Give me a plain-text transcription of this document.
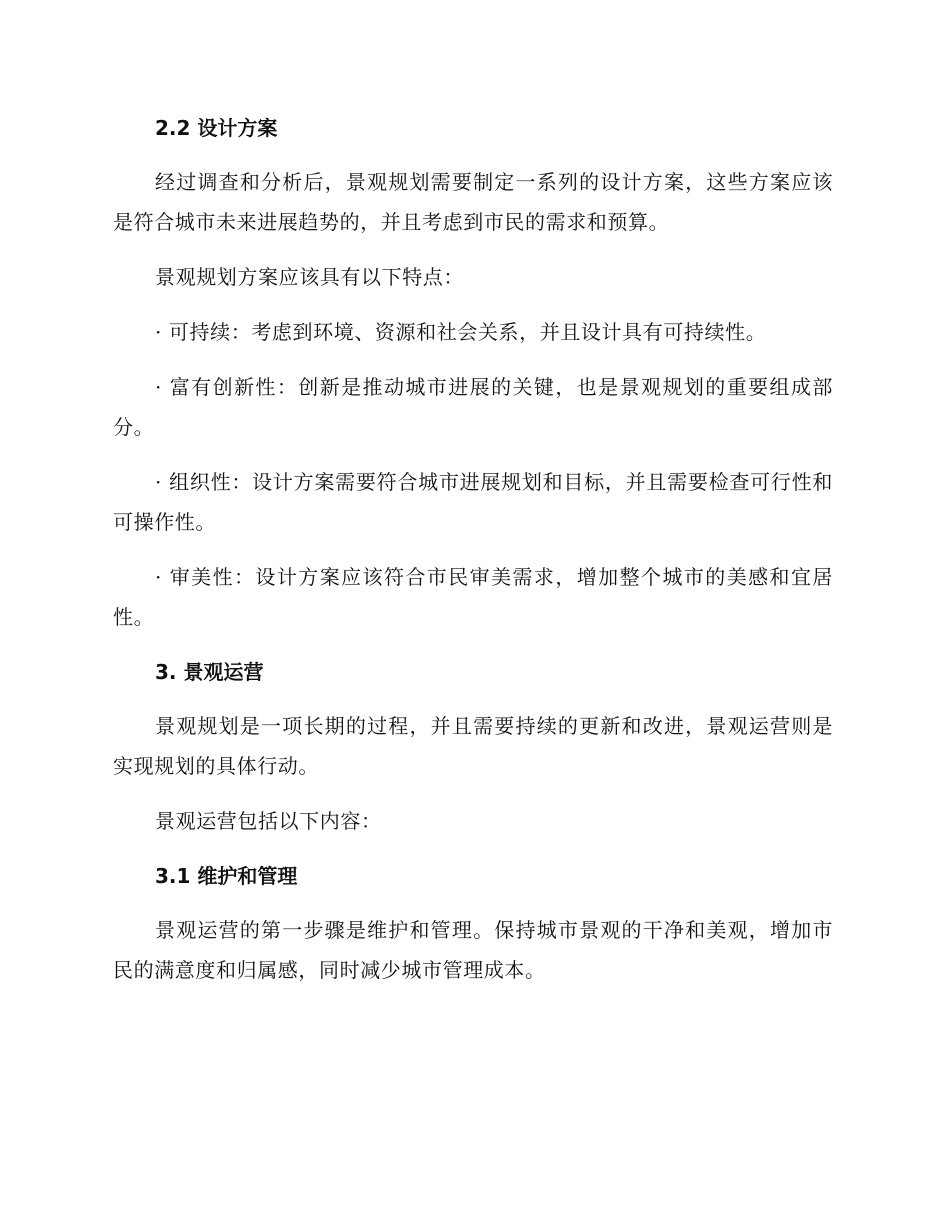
2.2 设计方案

经过调查和分析后，景观规划需要制定一系列的设计方案，这些方案应该是符合城市未来进展趋势的，并且考虑到市民的需求和预算。

景观规划方案应该具有以下特点：

· 可持续：考虑到环境、资源和社会关系，并且设计具有可持续性。

· 富有创新性：创新是推动城市进展的关键，也是景观规划的重要组成部分。

· 组织性：设计方案需要符合城市进展规划和目标，并且需要检查可行性和可操作性。

· 审美性：设计方案应该符合市民审美需求，增加整个城市的美感和宜居性。

3. 景观运营

景观规划是一项长期的过程，并且需要持续的更新和改进，景观运营则是实现规划的具体行动。

景观运营包括以下内容：

3.1 维护和管理

景观运营的第一步骤是维护和管理。保持城市景观的干净和美观，增加市民的满意度和归属感，同时减少城市管理成本。
